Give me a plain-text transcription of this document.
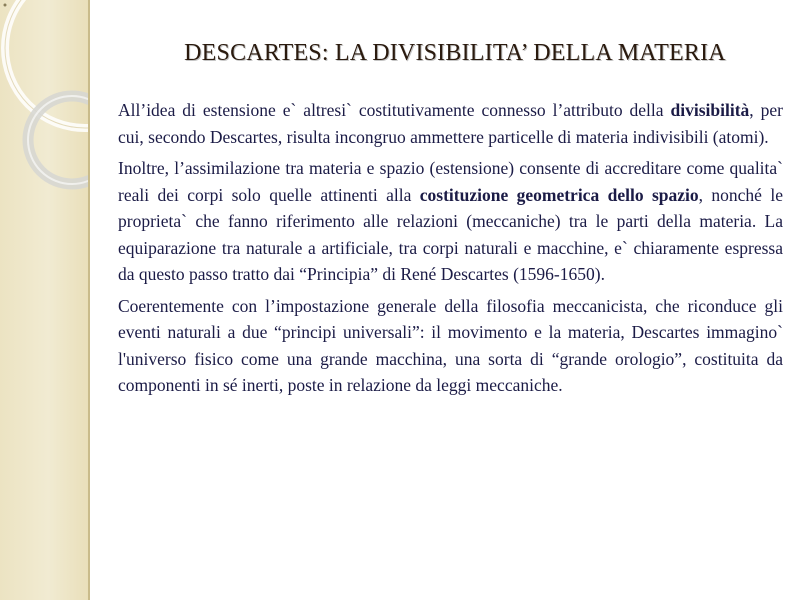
DESCARTES: LA DIVISIBILITA’ DELLA MATERIA

All’idea di estensione e` altresi` costitutivamente connesso l’attributo della divisibilità, per cui, secondo Descartes, risulta incongruo ammettere particelle di materia indivisibili (atomi).

Inoltre, l’assimilazione tra materia e spazio (estensione) consente di accreditare come qualita` reali dei corpi solo quelle attinenti alla costituzione geometrica dello spazio, nonché le proprieta` che fanno riferimento alle relazioni (meccaniche) tra le parti della materia. La equiparazione tra naturale a artificiale, tra corpi naturali e macchine, e` chiaramente espressa da questo passo tratto dai “Principia” di René Descartes (1596-1650).

Coerentemente con l’impostazione generale della filosofia meccanicista, che riconduce gli eventi naturali a due “principi universali”: il movimento e la materia, Descartes immagino` l'universo fisico come una grande macchina, una sorta di “grande orologio”, costituita da componenti in sé inerti, poste in relazione da leggi meccaniche.
